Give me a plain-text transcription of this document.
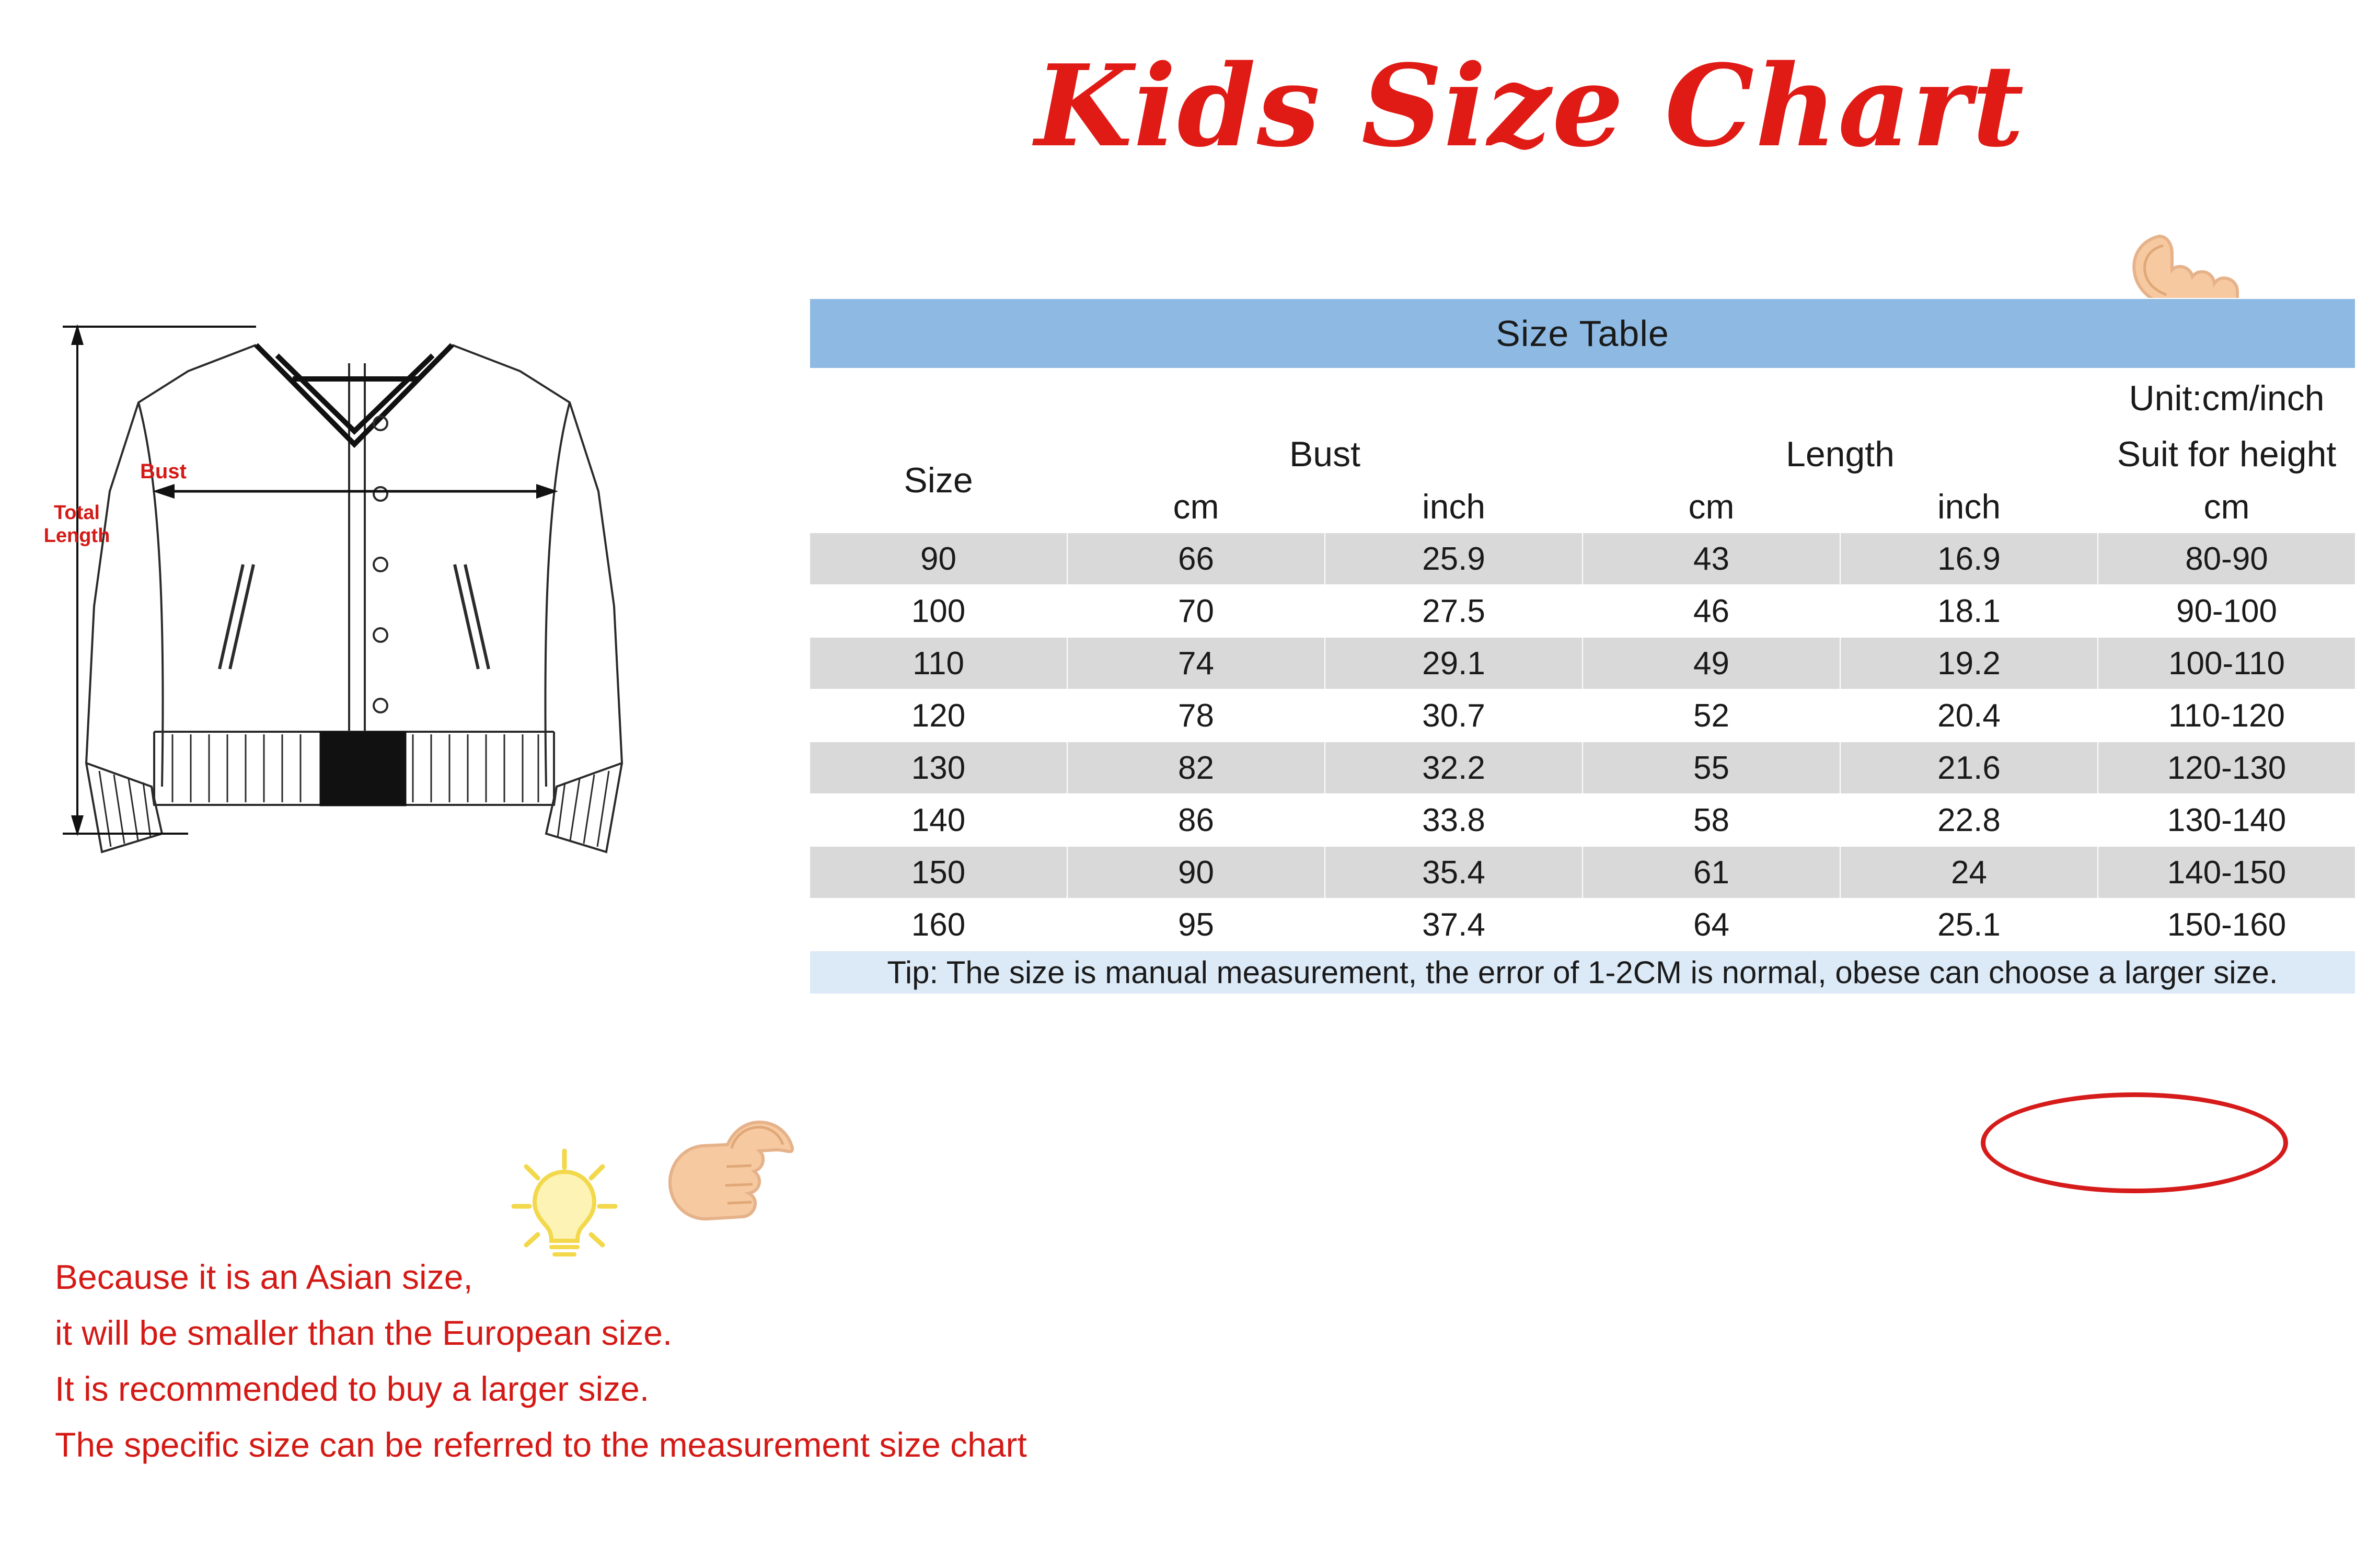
Kids Size Chart
Bust
Total
Length
Size Table					
					Unit:cm/inch
Size	Bust		Length		Suit for height
	cm	inch	cm	inch	cm
90	66	25.9	43	16.9	80-90
100	70	27.5	46	18.1	90-100
110	74	29.1	49	19.2	100-110
120	78	30.7	52	20.4	110-120
130	82	32.2	55	21.6	120-130
140	86	33.8	58	22.8	130-140
150	90	35.4	61	24	140-150
160	95	37.4	64	25.1	150-160
Tip: The size is manual measurement, the error of 1-2CM is normal, obese can choose a larger size.					
Because it is an Asian size,
it will be smaller than the European size.
It is recommended to buy a larger size.
The specific size can be referred to the measurement size chart
